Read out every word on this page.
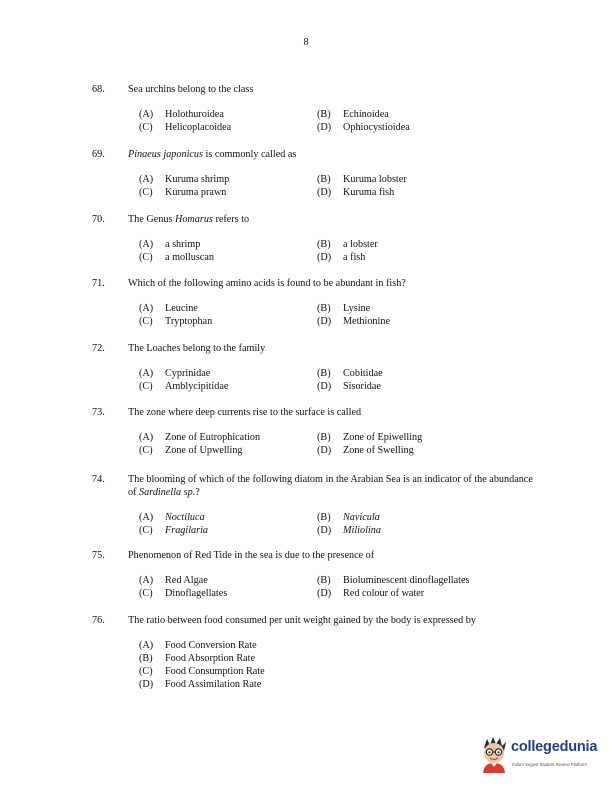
8
68. Sea urchins belong to the class
(A) Holothuroidea	(B) Echinoidea
(C) Helicoplacoidea	(D) Ophiocystioidea
69. Pinaeus japonicus is commonly called as
(A) Kuruma shrimp	(B) Kuruma lobster
(C) Kuruma prawn	(D) Kuruma fish
70. The Genus Homarus refers to
(A) a shrimp	(B) a lobster
(C) a molluscan	(D) a fish
71. Which of the following amino acids is found to be abundant in fish?
(A) Leucine	(B) Lysine
(C) Tryptophan	(D) Methionine
72. The Loaches belong to the family
(A) Cyprinidae	(B) Cobitidae
(C) Amblycipitidae	(D) Sisoridae
73. The zone where deep currents rise to the surface is called
(A) Zone of Eutrophication	(B) Zone of Epiwelling
(C) Zone of Upwelling	(D) Zone of Swelling
74. The blooming of which of the following diatom in the Arabian Sea is an indicator of the abundance of Sardinella sp.?
(A) Noctiluca	(B) Navicula
(C) Fragilaria	(D) Miliolina
75. Phenomenon of Red Tide in the sea is due to the presence of
(A) Red Algae	(B) Bioluminescent dinoflagellates
(C) Dinoflagellates	(D) Red colour of water
76. The ratio between food consumed per unit weight gained by the body is expressed by
(A) Food Conversion Rate
(B) Food Absorption Rate
(C) Food Consumption Rate
(D) Food Assimilation Rate
collegedunia
India's largest Student Review Platform
